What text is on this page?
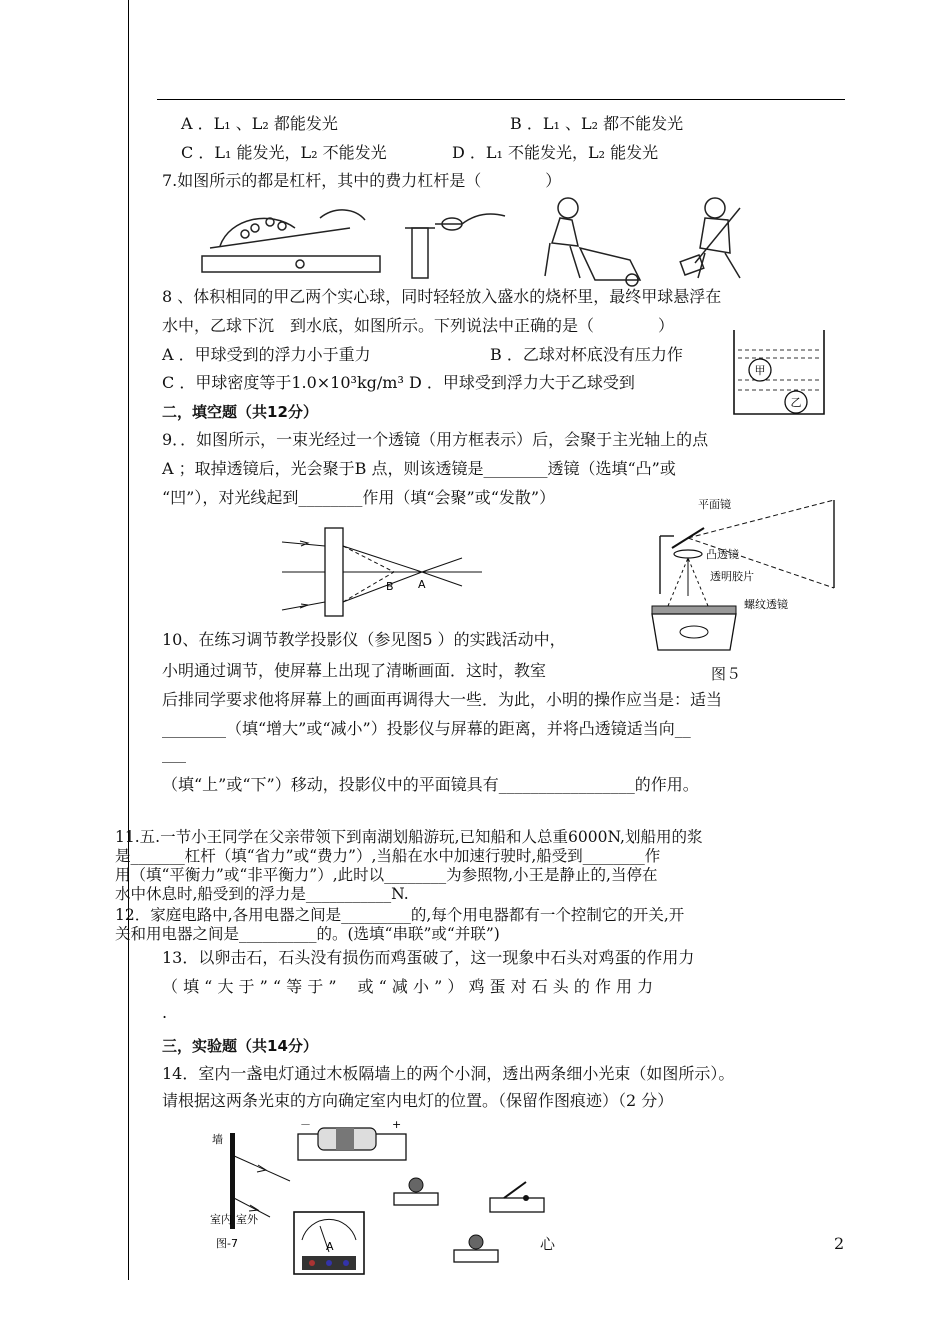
A ．L₁ 、L₂ 都能发光	B ．L₁ 、L₂ 都不能发光
C ．L₁ 能发光，L₂ 不能发光	D ．L₁ 不能发光，L₂ 能发光
7.如图所示的都是杠杆，其中的费力杠杆是（　　　　）
8 、体积相同的甲乙两个实心球，同时轻轻放入盛水的烧杯里，最终甲球悬浮在
水中，乙球下沉　到水底，如图所示。下列说法中正确的是（　　　　）
A ．甲球受到的浮力小于重力	B ．乙球对杯底没有压力作
C ．甲球密度等于1.0×10³kg/m³ D ．甲球受到浮力大于乙球受到
甲
乙
二，填空题（共12分）
9．．如图所示，一束光经过一个透镜（用方框表示）后，会聚于主光轴上的点
A ；取掉透镜后，光会聚于B 点，则该透镜是________透镜（选填“凸”或
“凹”），对光线起到________作用（填“会聚”或“发散”）
B A
平面镜
凸透镜
透明胶片
螺纹透镜
图５
10、在练习调节教学投影仪（参见图5 ）的实践活动中，
小明通过调节，使屏幕上出现了清晰画面．这时，教室
后排同学要求他将屏幕上的画面再调得大一些．为此，小明的操作应当是：适当
________（填“增大”或“减小”）投影仪与屏幕的距离，并将凸透镜适当向__
___
（填“上”或“下”）移动，投影仪中的平面镜具有_________________的作用。
11.五.一节小王同学在父亲带领下到南湖划船游玩,已知船和人总重6000N,划船用的浆
是_______杠杆（填“省力”或“费力”）,当船在水中加速行驶时,船受到________作
用（填“平衡力”或“非平衡力”）,此时以________为参照物,小王是静止的,当停在
水中休息时,船受到的浮力是___________N.
12．家庭电路中,各用电器之间是_________的,每个用电器都有一个控制它的开关,开
关和用电器之间是__________的。(选填“串联”或“并联”)
13．以卵击石，石头没有损伤而鸡蛋破了，这一现象中石头对鸡蛋的作用力
（ 填 “ 大 于 ” “ 等 于 ”　 或 “ 减 小 ” ） 鸡 蛋 对 石 头 的 作 用 力
.
三，实验题（共14分）
14．室内一盏电灯通过木板隔墙上的两个小洞，透出两条细小光束（如图所示）。
请根据这两条光束的方向确定室内电灯的位置。（保留作图痕迹）（2 分）
墙
室内 室外
图-7
－	+
A	心	2
